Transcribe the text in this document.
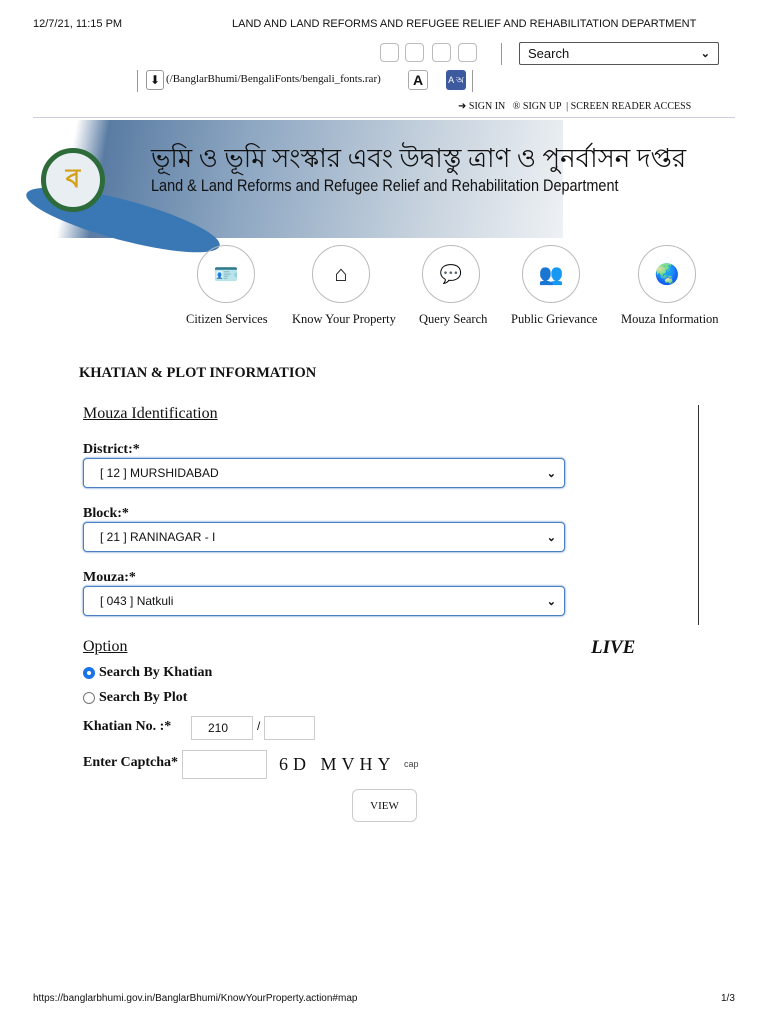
12/7/21, 11:15 PM	LAND AND LAND REFORMS AND REFUGEE RELIEF AND REHABILITATION DEPARTMENT
Search	⌄
⬇ (/BanglarBhumi/BengaliFonts/bengali_fonts.rar)	A	A অ
➜ SIGN IN ® SIGN UP  | SCREEN READER ACCESS
ব
ভূমি ও ভূমি সংস্কার এবং উদ্বাস্তু ত্রাণ ও পুনর্বাসন দপ্তর
Land & Land Reforms and Refugee Relief and Rehabilitation Department
🪪	⌂	💬	👥	🌏
Citizen Services Know Your Property Query Search Public Grievance Mouza Information
KHATIAN & PLOT INFORMATION
Mouza Identification
District:*
[ 12 ] MURSHIDABAD	⌄
Block:*
[ 21 ] RANINAGAR - I	⌄
Mouza:*
[ 043 ] Natkuli	⌄
Option	LIVE
Search By Khatian
Search By Plot
Khatian No. :*	210	/
Enter Captcha*	6D MVHY cap
VIEW
https://banglarbhumi.gov.in/BanglarBhumi/KnowYourProperty.action#map	1/3
